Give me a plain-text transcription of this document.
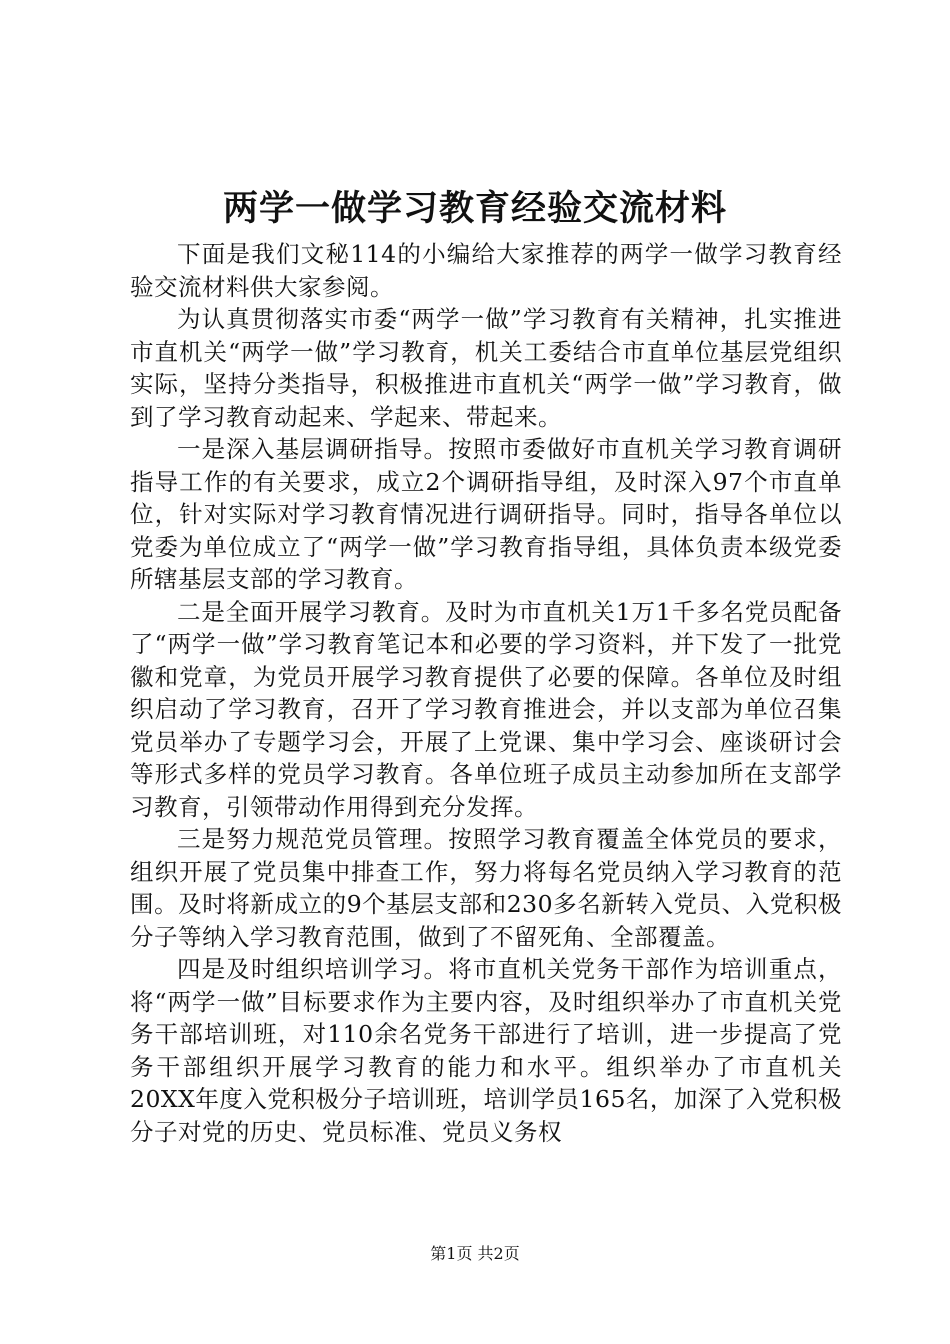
两学一做学习教育经验交流材料

下面是我们文秘114的小编给大家推荐的两学一做学习教育经验交流材料供大家参阅。

为认真贯彻落实市委“两学一做”学习教育有关精神，扎实推进市直机关“两学一做”学习教育，机关工委结合市直单位基层党组织实际，坚持分类指导，积极推进市直机关“两学一做”学习教育，做到了学习教育动起来、学起来、带起来。

一是深入基层调研指导。按照市委做好市直机关学习教育调研指导工作的有关要求，成立2个调研指导组，及时深入97个市直单位，针对实际对学习教育情况进行调研指导。同时，指导各单位以党委为单位成立了“两学一做”学习教育指导组，具体负责本级党委所辖基层支部的学习教育。

二是全面开展学习教育。及时为市直机关1万1千多名党员配备了“两学一做”学习教育笔记本和必要的学习资料，并下发了一批党徽和党章，为党员开展学习教育提供了必要的保障。各单位及时组织启动了学习教育，召开了学习教育推进会，并以支部为单位召集党员举办了专题学习会，开展了上党课、集中学习会、座谈研讨会等形式多样的党员学习教育。各单位班子成员主动参加所在支部学习教育，引领带动作用得到充分发挥。

三是努力规范党员管理。按照学习教育覆盖全体党员的要求，组织开展了党员集中排查工作，努力将每名党员纳入学习教育的范围。及时将新成立的9个基层支部和230多名新转入党员、入党积极分子等纳入学习教育范围，做到了不留死角、全部覆盖。

四是及时组织培训学习。将市直机关党务干部作为培训重点，将“两学一做”目标要求作为主要内容，及时组织举办了市直机关党务干部培训班，对110余名党务干部进行了培训，进一步提高了党务干部组织开展学习教育的能力和水平。组织举办了市直机关20XX年度入党积极分子培训班，培训学员165名，加深了入党积极分子对党的历史、党员标准、党员义务权

第1页 共2页
